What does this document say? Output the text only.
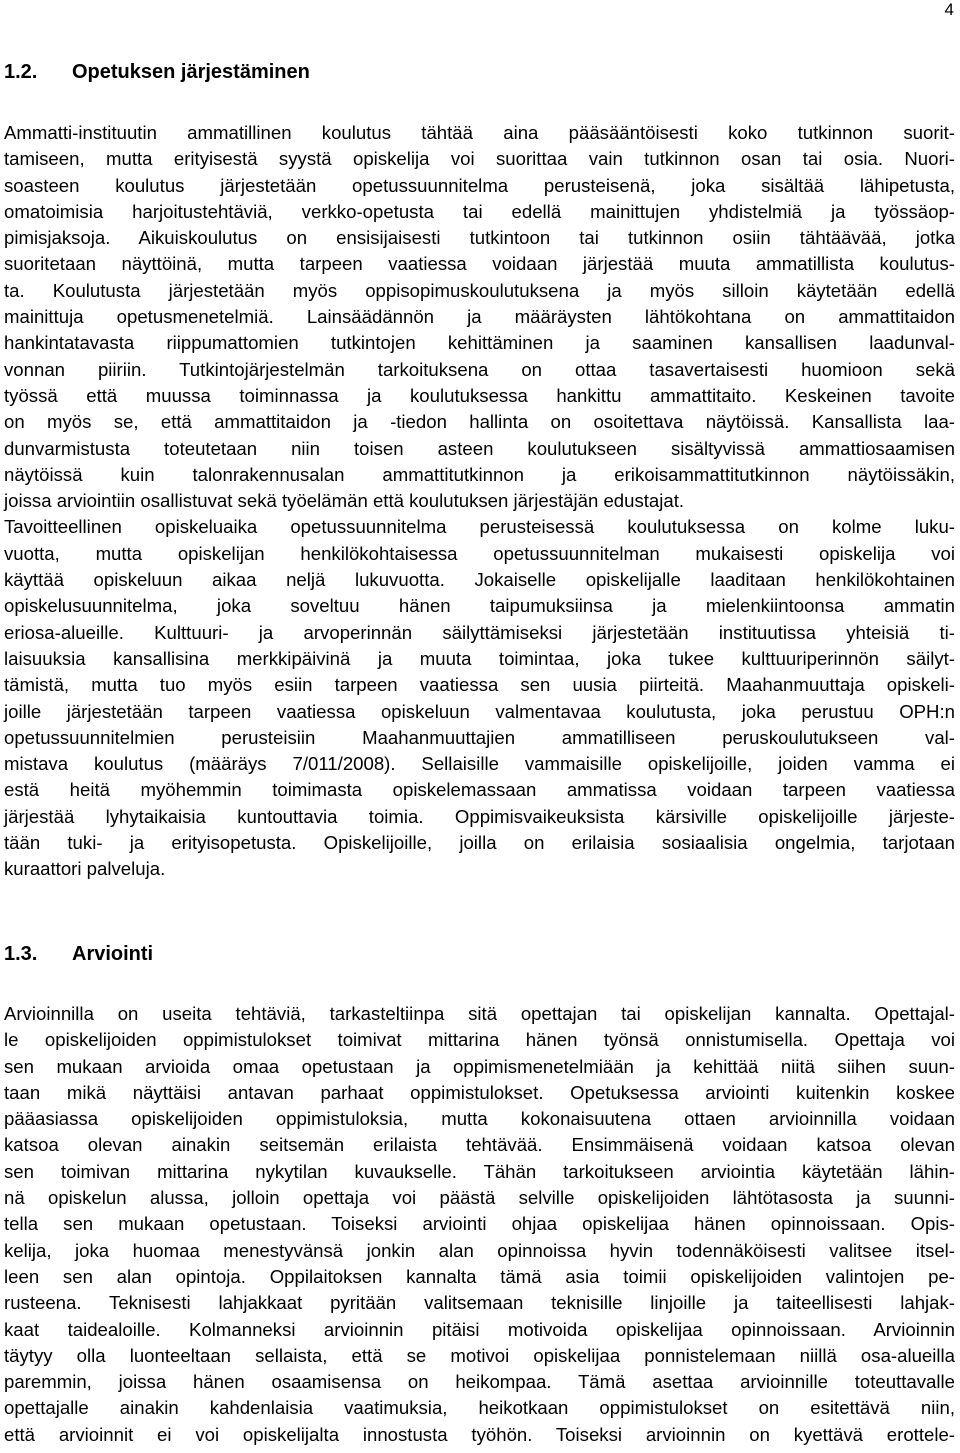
4
1.2. Opetuksen järjestäminen
Ammatti-instituutin ammatillinen koulutus tähtää aina pääsääntöisesti koko tutkinnon suorit-
tamiseen, mutta erityisestä syystä opiskelija voi suorittaa vain tutkinnon osan tai osia. Nuori-
soasteen koulutus järjestetään opetussuunnitelma perusteisenä, joka sisältää lähipetusta,
omatoimisia harjoitustehtäviä, verkko-opetusta tai edellä mainittujen yhdistelmiä ja työssäop-
pimisjaksoja. Aikuiskoulutus on ensisijaisesti tutkintoon tai tutkinnon osiin tähtäävää, jotka
suoritetaan näyttöinä, mutta tarpeen vaatiessa voidaan järjestää muuta ammatillista koulutus-
ta. Koulutusta järjestetään myös oppisopimuskoulutuksena ja myös silloin käytetään edellä
mainittuja opetusmenetelmiä. Lainsäädännön ja määräysten lähtökohtana on ammattitaidon
hankintatavasta riippumattomien tutkintojen kehittäminen ja saaminen kansallisen laadunval-
vonnan piiriin. Tutkintojärjestelmän tarkoituksena on ottaa tasavertaisesti huomioon sekä
työssä että muussa toiminnassa ja koulutuksessa hankittu ammattitaito. Keskeinen tavoite
on myös se, että ammattitaidon ja -tiedon hallinta on osoitettava näytöissä. Kansallista laa-
dunvarmistusta toteutetaan niin toisen asteen koulutukseen sisältyvissä ammattiosaamisen
näytöissä kuin talonrakennusalan ammattitutkinnon ja erikoisammattitutkinnon näytöissäkin,
joissa arviointiin osallistuvat sekä työelämän että koulutuksen järjestäjän edustajat.
Tavoitteellinen opiskeluaika opetussuunnitelma perusteisessä koulutuksessa on kolme luku-
vuotta, mutta opiskelijan henkilökohtaisessa opetussuunnitelman mukaisesti opiskelija voi
käyttää opiskeluun aikaa neljä lukuvuotta. Jokaiselle opiskelijalle laaditaan henkilökohtainen
opiskelusuunnitelma, joka soveltuu hänen taipumuksiinsa ja mielenkiintoonsa ammatin
eriosa-alueille. Kulttuuri- ja arvoperinnän säilyttämiseksi järjestetään instituutissa yhteisiä ti-
laisuuksia kansallisina merkkipäivinä ja muuta toimintaa, joka tukee kulttuuriperinnön säilyt-
tämistä, mutta tuo myös esiin tarpeen vaatiessa sen uusia piirteitä. Maahanmuuttaja opiskeli-
joille järjestetään tarpeen vaatiessa opiskeluun valmentavaa koulutusta, joka perustuu OPH:n
opetussuunnitelmien perusteisiin Maahanmuuttajien ammatilliseen peruskoulutukseen val-
mistava koulutus (määräys 7/011/2008). Sellaisille vammaisille opiskelijoille, joiden vamma ei
estä heitä myöhemmin toimimasta opiskelemassaan ammatissa voidaan tarpeen vaatiessa
järjestää lyhytaikaisia kuntouttavia toimia. Oppimisvaikeuksista kärsiville opiskelijoille järjeste-
tään tuki- ja erityisopetusta. Opiskelijoille, joilla on erilaisia sosiaalisia ongelmia, tarjotaan
kuraattori palveluja.
1.3. Arviointi
Arvioinnilla on useita tehtäviä, tarkasteltiinpa sitä opettajan tai opiskelijan kannalta. Opettajal-
le opiskelijoiden oppimistulokset toimivat mittarina hänen työnsä onnistumisella. Opettaja voi
sen mukaan arvioida omaa opetustaan ja oppimismenetelmiään ja kehittää niitä siihen suun-
taan mikä näyttäisi antavan parhaat oppimistulokset. Opetuksessa arviointi kuitenkin koskee
pääasiassa opiskelijoiden oppimistuloksia, mutta kokonaisuutena ottaen arvioinnilla voidaan
katsoa olevan ainakin seitsemän erilaista tehtävää. Ensimmäisenä voidaan katsoa olevan
sen toimivan mittarina nykytilan kuvaukselle. Tähän tarkoitukseen arviointia käytetään lähin-
nä opiskelun alussa, jolloin opettaja voi päästä selville opiskelijoiden lähtötasosta ja suunni-
tella sen mukaan opetustaan. Toiseksi arviointi ohjaa opiskelijaa hänen opinnoissaan. Opis-
kelija, joka huomaa menestyvänsä jonkin alan opinnoissa hyvin todennäköisesti valitsee itsel-
leen sen alan opintoja. Oppilaitoksen kannalta tämä asia toimii opiskelijoiden valintojen pe-
rusteena. Teknisesti lahjakkaat pyritään valitsemaan teknisille linjoille ja taiteellisesti lahjak-
kaat taidealoille. Kolmanneksi arvioinnin pitäisi motivoida opiskelijaa opinnoissaan. Arvioinnin
täytyy olla luonteeltaan sellaista, että se motivoi opiskelijaa ponnistelemaan niillä osa-alueilla
paremmin, joissa hänen osaamisensa on heikompaa. Tämä asettaa arvioinnille toteuttavalle
opettajalle ainakin kahdenlaisia vaatimuksia, heikotkaan oppimistulokset on esitettävä niin,
että arvioinnit ei voi opiskelijalta innostusta työhön. Toiseksi arvioinnin on kyettävä erottele-
